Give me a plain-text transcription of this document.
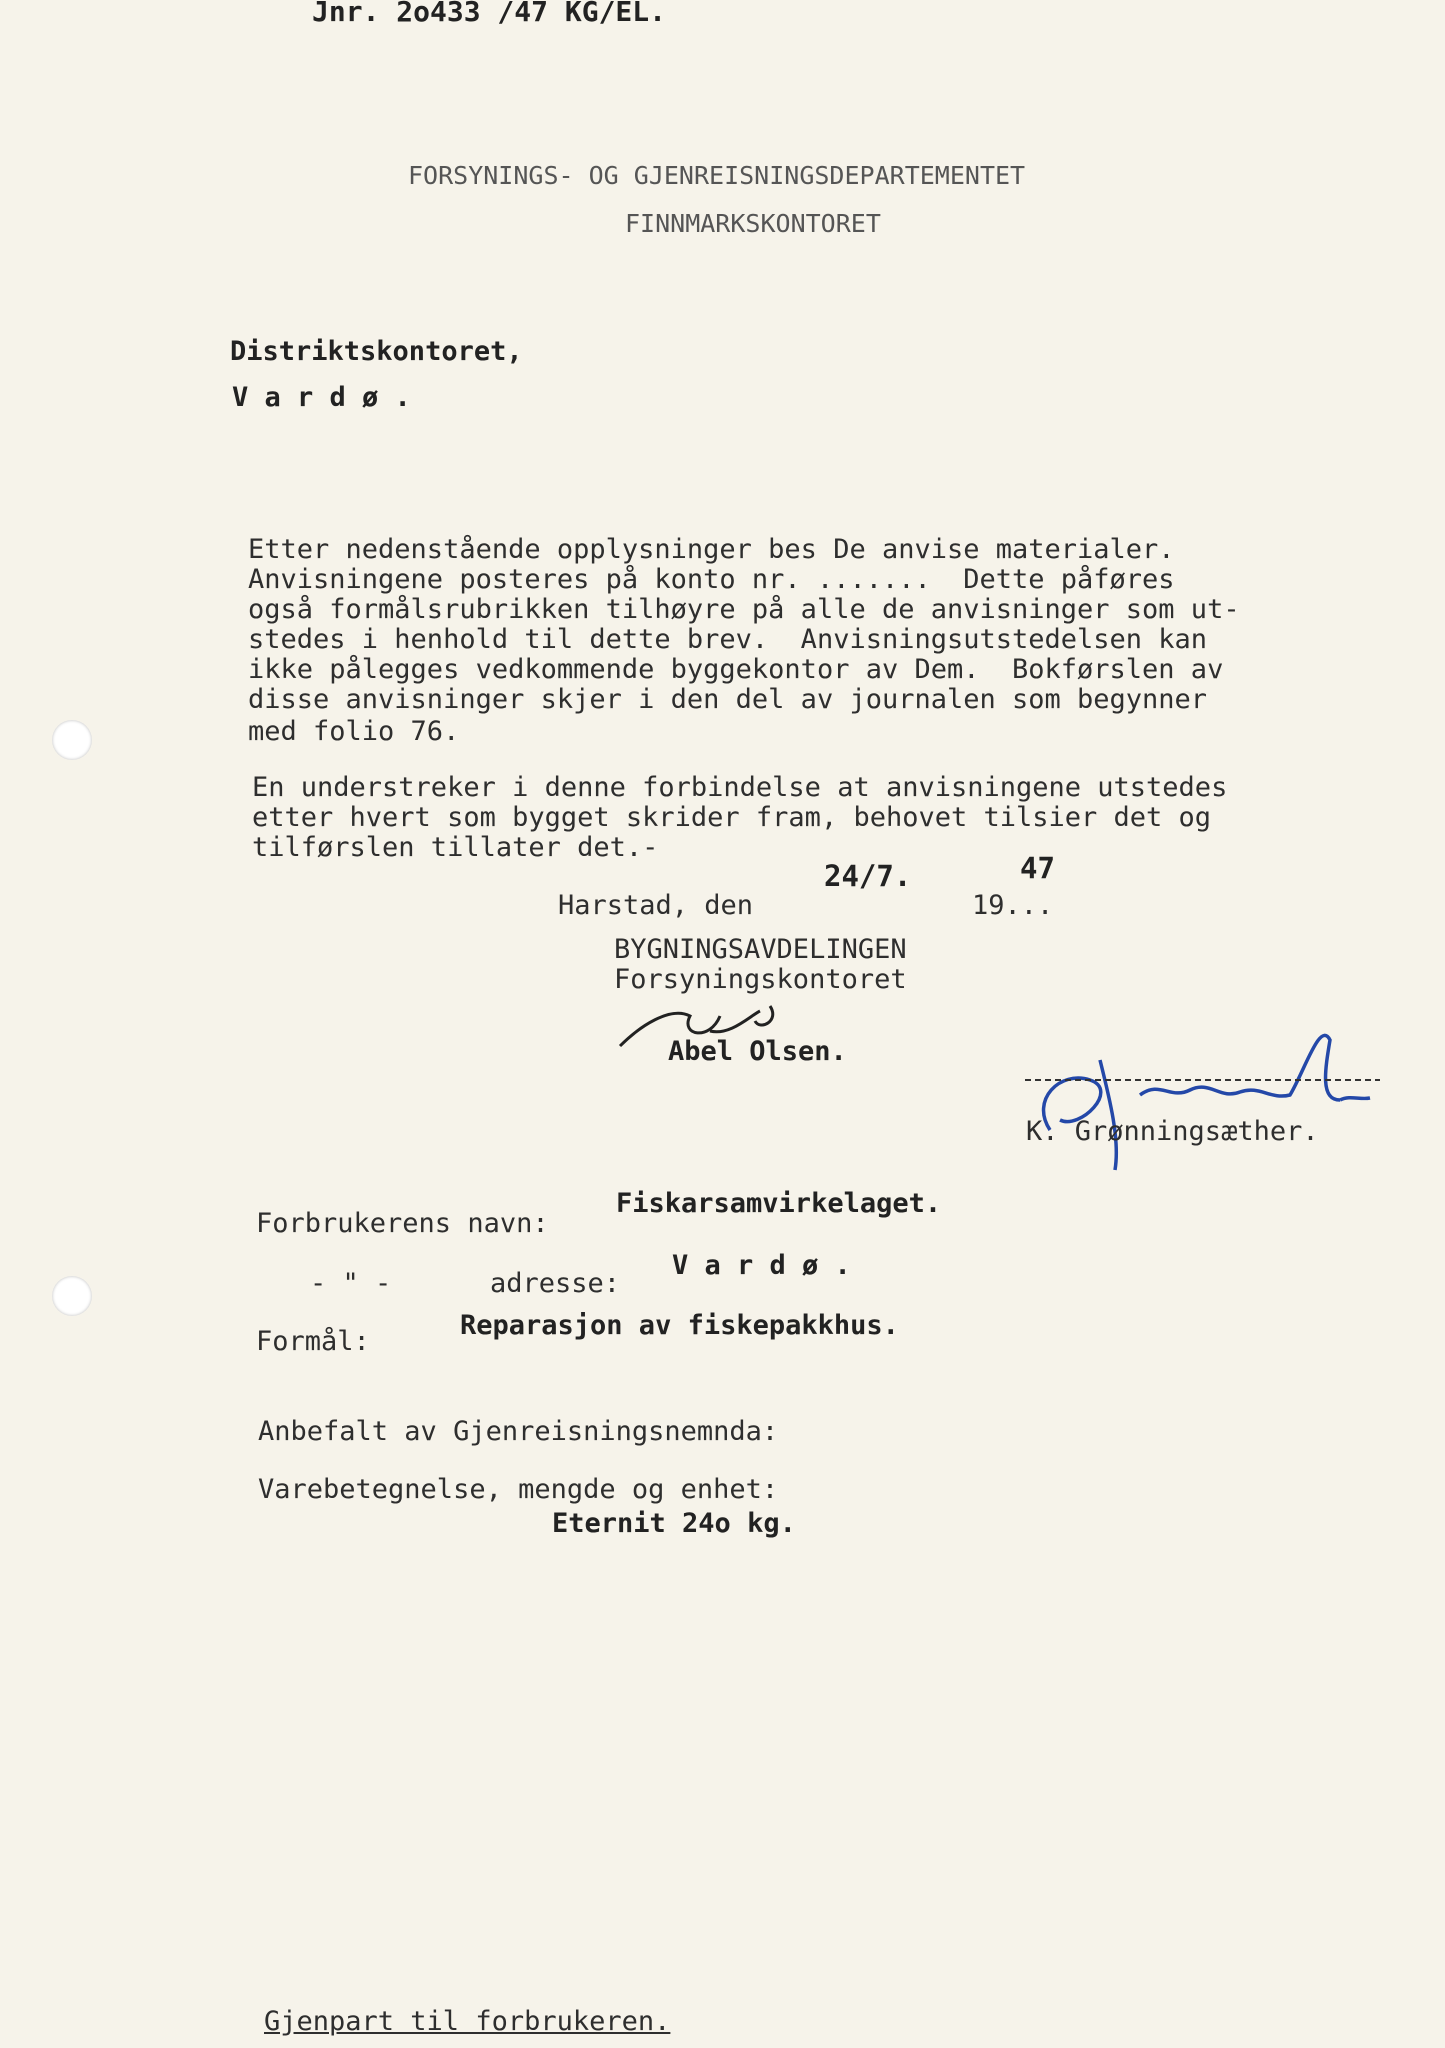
Jnr. 2o433 /47 KG/EL.
FORSYNINGS- OG GJENREISNINGSDEPARTEMENTET
FINNMARKSKONTORET
Distriktskontoret,
V a r d ø .
Etter nedenstående opplysninger bes De anvise materialer.
Anvisningene posteres på konto nr. .......  Dette påføres
også formålsrubrikken tilhøyre på alle de anvisninger som ut-
stedes i henhold til dette brev.  Anvisningsutstedelsen kan
ikke pålegges vedkommende byggekontor av Dem.  Bokførslen av
disse anvisninger skjer i den del av journalen som begynner
med folio 76.
En understreker i denne forbindelse at anvisningene utstedes
etter hvert som bygget skrider fram, behovet tilsier det og
tilførslen tillater det.-
24/7.	47
Harstad, den	19...
BYGNINGSAVDELINGEN
Forsyningskontoret
Abel Olsen.
K. Grønningsæther.
Forbrukerens navn:
Fiskarsamvirkelaget.
- " -	adresse:
V a r d ø .
Formål:
Reparasjon av fiskepakkhus.
Anbefalt av Gjenreisningsnemnda:
Varebetegnelse, mengde og enhet:
Eternit 24o kg.
Gjenpart til forbrukeren.
